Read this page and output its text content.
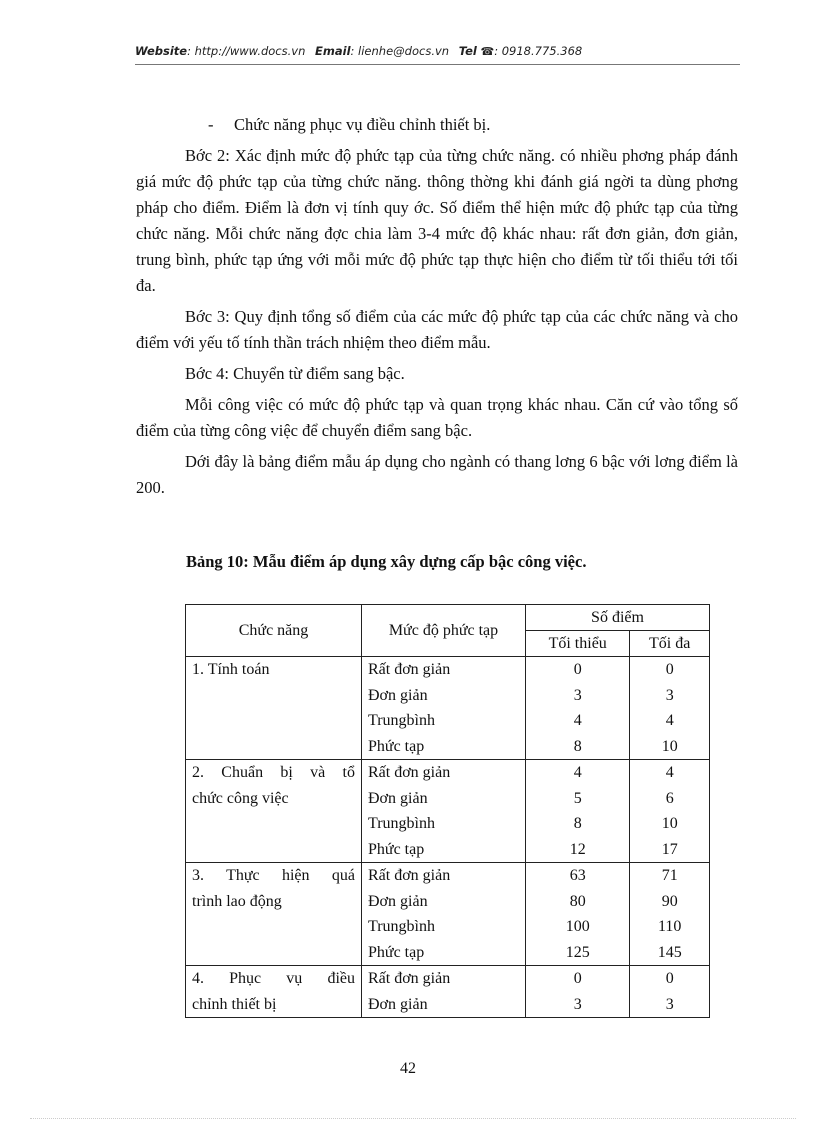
Website: http://www.docs.vn Email: lienhe@docs.vn Tel ☎: 0918.775.368

- Chức năng phục vụ điều chỉnh thiết bị.

Bớc 2: Xác định mức độ phức tạp của từng chức năng. có nhiều phơng pháp đánh giá mức độ phức tạp của từng chức năng. thông thờng khi đánh giá ngời ta dùng phơng pháp cho điểm. Điểm là đơn vị tính quy ớc. Số điểm thể hiện mức độ phức tạp của từng chức năng. Mỗi chức năng đợc chia làm 3-4 mức độ khác nhau: rất đơn giản, đơn giản, trung bình, phức tạp ứng với mỗi mức độ phức tạp thực hiện cho điểm từ tối thiểu tới tối đa.

Bớc 3: Quy định tổng số điểm của các mức độ phức tạp của các chức năng và cho điểm với yếu tố tính thần trách nhiệm theo điểm mẫu.

Bớc 4: Chuyển từ điểm sang bậc.

Mỗi công việc có mức độ phức tạp và quan trọng khác nhau. Căn cứ vào tổng số điểm của từng công việc để chuyển điểm sang bậc.

Dới đây là bảng điểm mẫu áp dụng cho ngành có thang lơng 6 bậc với lơng điểm là 200.

Bảng 10: Mẫu điểm áp dụng xây dựng cấp bậc công việc.
Chức năng	Mức độ phức tạp	Số điểm	
		Tối thiểu	Tối đa

1. Tính toán	Rất đơn giản	0	0
	Đơn giản	3	3
	Trungbình	4	4
	Phức tạp	8	10

2. Chuẩn bị và tổ
chức công việc	Rất đơn giản	4	4
	Đơn giản	5	6
	Trungbình	8	10
	Phức tạp	12	17

3. Thực hiện quá
trình lao động	Rất đơn giản	63	71
	Đơn giản	80	90
	Trungbình	100	110
	Phức tạp	125	145

4. Phục vụ điều
chỉnh thiết bị	Rất đơn giản	0	0
	Đơn giản	3	3
42
